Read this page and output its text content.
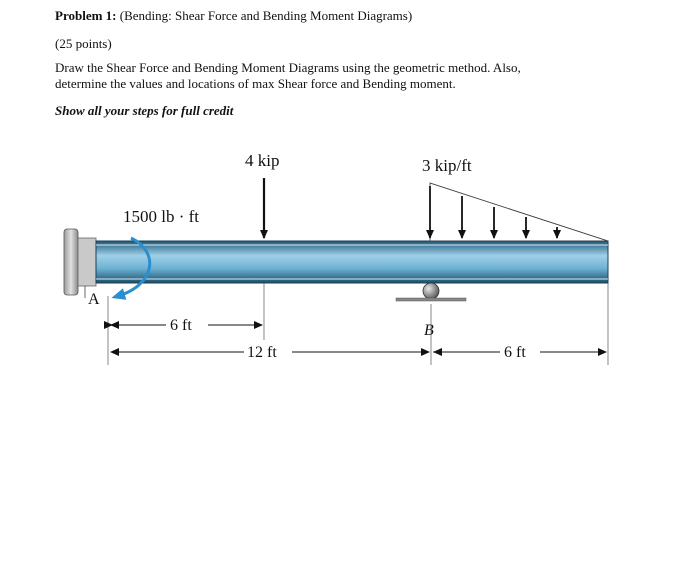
Problem 1: (Bending: Shear Force and Bending Moment Diagrams)
(25 points)
Draw the Shear Force and Bending Moment Diagrams using the geometric method. Also,
determine the values and locations of max Shear force and Bending moment.
Show all your steps for full credit
1500 lb · ft
4 kip	3 kip/ft
A
B
6 ft
12 ft	6 ft
